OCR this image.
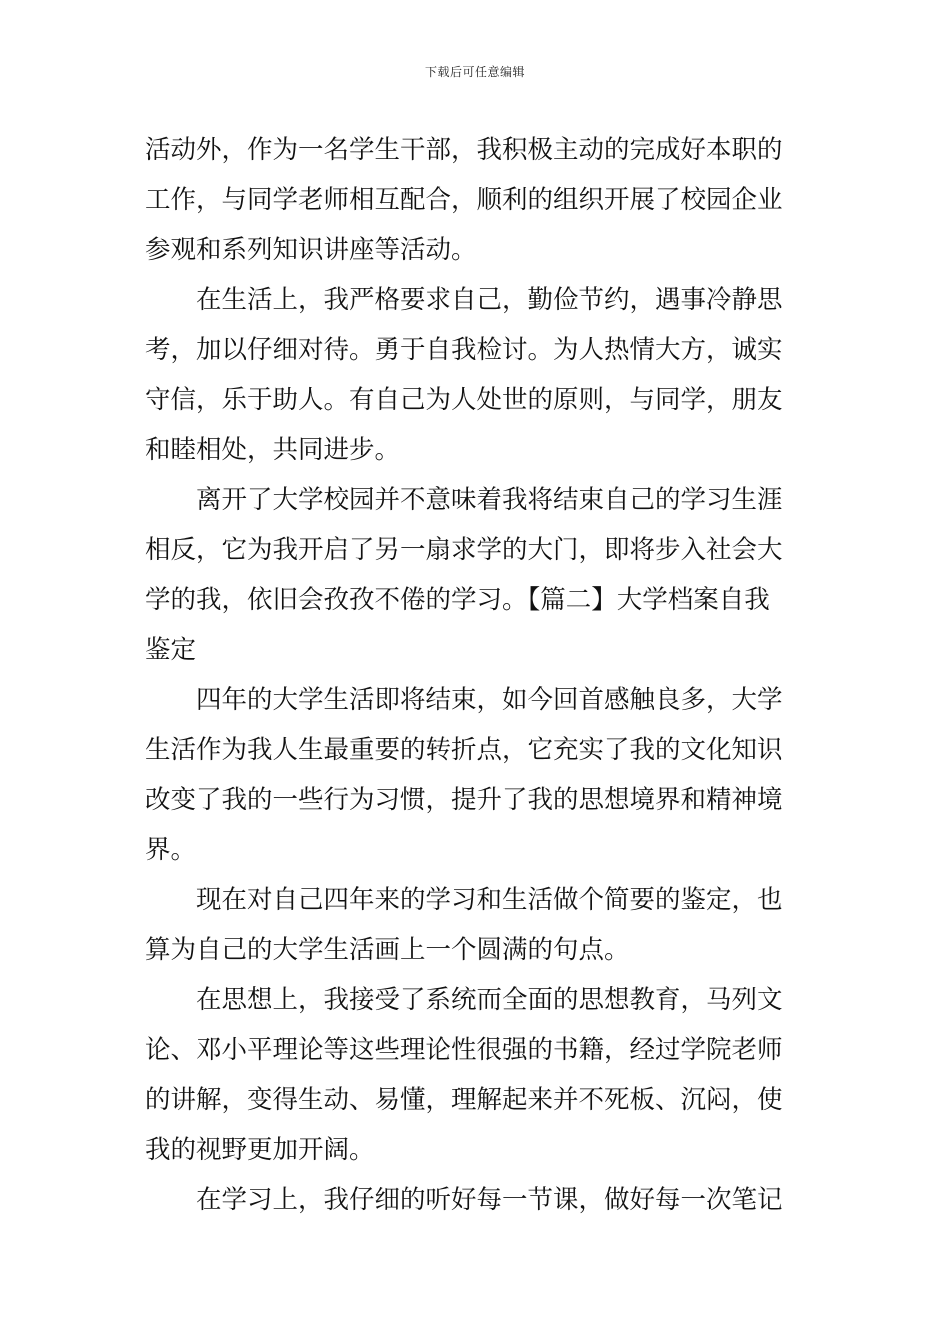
下载后可任意编辑
活动外，作为一名学生干部，我积极主动的完成好本职的
工作，与同学老师相互配合，顺利的组织开展了校园企业
参观和系列知识讲座等活动。
　　在生活上，我严格要求自己，勤俭节约，遇事冷静思
考，加以仔细对待。勇于自我检讨。为人热情大方，诚实
守信，乐于助人。有自己为人处世的原则，与同学，朋友
和睦相处，共同进步。
　　离开了大学校园并不意味着我将结束自己的学习生涯
相反，它为我开启了另一扇求学的大门，即将步入社会大
学的我，依旧会孜孜不倦的学习。【篇二】大学档案自我
鉴定
　　四年的大学生活即将结束，如今回首感触良多，大学
生活作为我人生最重要的转折点，它充实了我的文化知识
改变了我的一些行为习惯，提升了我的思想境界和精神境
界。
　　现在对自己四年来的学习和生活做个简要的鉴定，也
算为自己的大学生活画上一个圆满的句点。
　　在思想上，我接受了系统而全面的思想教育，马列文
论、邓小平理论等这些理论性很强的书籍，经过学院老师
的讲解，变得生动、易懂，理解起来并不死板、沉闷，使
我的视野更加开阔。
　　在学习上，我仔细的听好每一节课，做好每一次笔记
